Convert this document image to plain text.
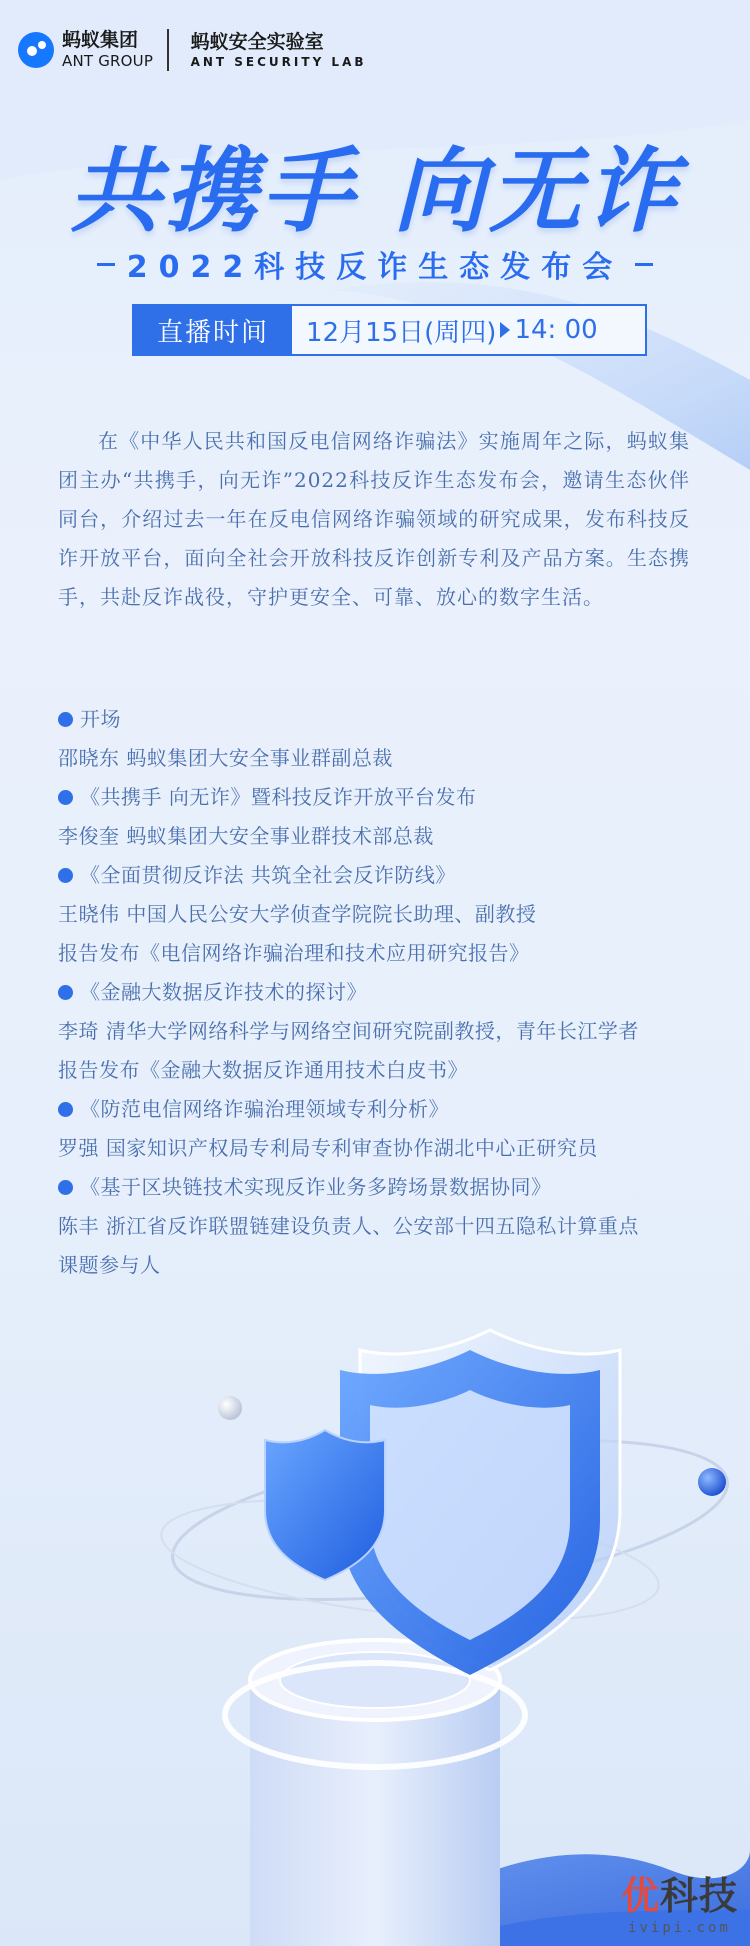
蚂蚁集团
ANT GROUP
蚂蚁安全实验室
ANT SECURITY LAB
共携手 向无诈
2022科技反诈生态发布会
直播时间	12月15日(周四) 14: 00
在《中华人民共和国反电信网络诈骗法》实施周年之际，蚂蚁集团主办“共携手，向无诈”2022科技反诈生态发布会，邀请生态伙伴同台，介绍过去一年在反电信网络诈骗领域的研究成果，发布科技反诈开放平台，面向全社会开放科技反诈创新专利及产品方案。生态携手，共赴反诈战役，守护更安全、可靠、放心的数字生活。
开场
邵晓东 蚂蚁集团大安全事业群副总裁
《共携手 向无诈》暨科技反诈开放平台发布
李俊奎 蚂蚁集团大安全事业群技术部总裁
《全面贯彻反诈法 共筑全社会反诈防线》
王晓伟 中国人民公安大学侦查学院院长助理、副教授
报告发布《电信网络诈骗治理和技术应用研究报告》
《金融大数据反诈技术的探讨》
李琦 清华大学网络科学与网络空间研究院副教授，青年长江学者
报告发布《金融大数据反诈通用技术白皮书》
《防范电信网络诈骗治理领域专利分析》
罗强 国家知识产权局专利局专利审查协作湖北中心正研究员
《基于区块链技术实现反诈业务多跨场景数据协同》
陈丰 浙江省反诈联盟链建设负责人、公安部十四五隐私计算重点
课题参与人
优科技
ivipi.com
